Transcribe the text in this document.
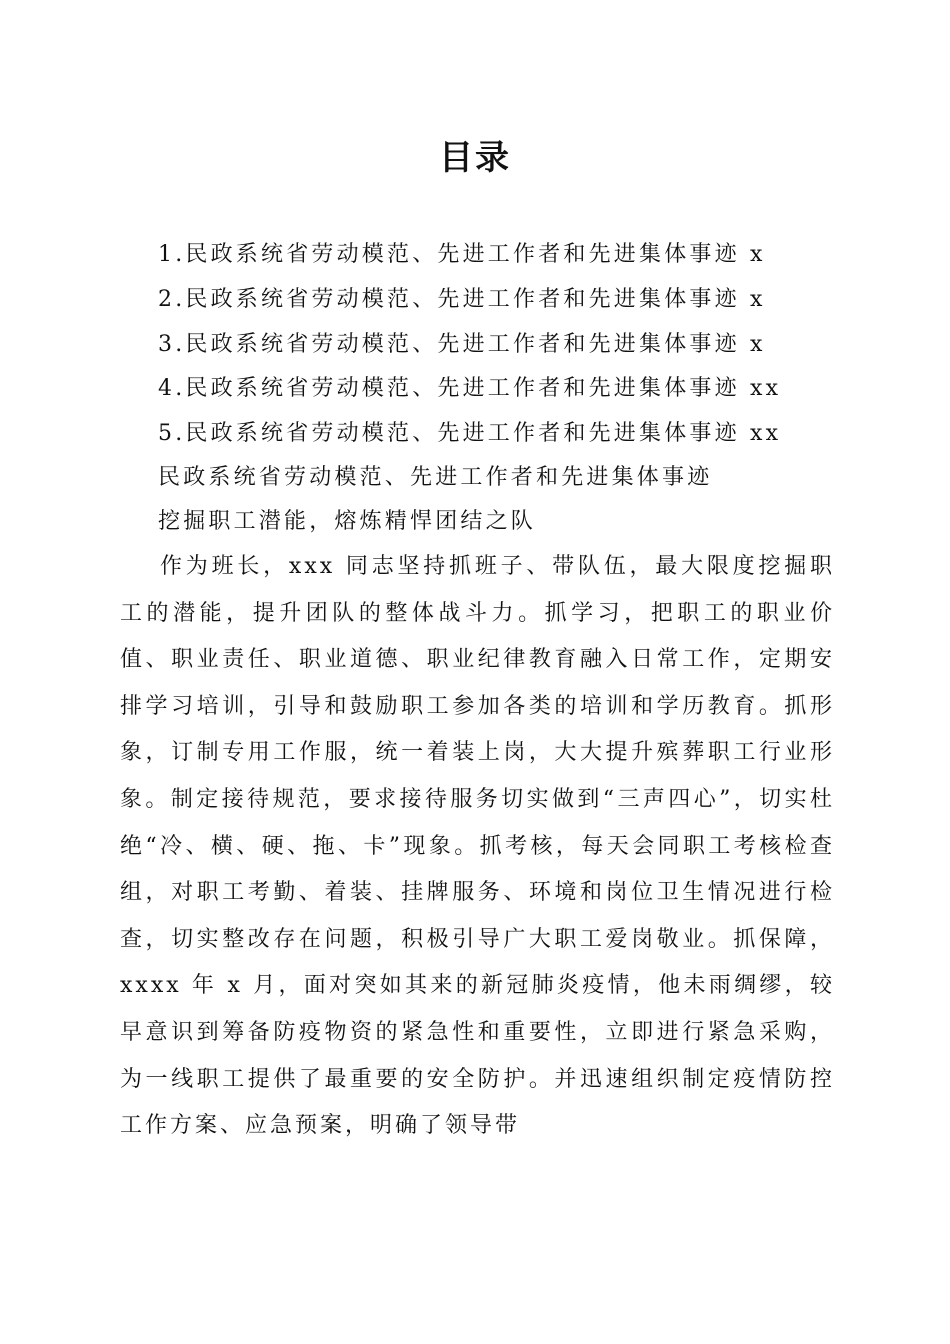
目录
1.民政系统省劳动模范、先进工作者和先进集体事迹 x
2.民政系统省劳动模范、先进工作者和先进集体事迹 x
3.民政系统省劳动模范、先进工作者和先进集体事迹 x
4.民政系统省劳动模范、先进工作者和先进集体事迹 xx
5.民政系统省劳动模范、先进工作者和先进集体事迹 xx
民政系统省劳动模范、先进工作者和先进集体事迹
挖掘职工潜能，熔炼精悍团结之队
作为班长，xxx 同志坚持抓班子、带队伍，最大限度挖掘职工的潜能，提升团队的整体战斗力。抓学习，把职工的职业价值、职业责任、职业道德、职业纪律教育融入日常工作，定期安排学习培训，引导和鼓励职工参加各类的培训和学历教育。抓形象，订制专用工作服，统一着装上岗，大大提升殡葬职工行业形象。制定接待规范，要求接待服务切实做到“三声四心”，切实杜绝“冷、横、硬、拖、卡”现象。抓考核，每天会同职工考核检查组，对职工考勤、着装、挂牌服务、环境和岗位卫生情况进行检查，切实整改存在问题，积极引导广大职工爱岗敬业。抓保障，xxxx 年 x 月，面对突如其来的新冠肺炎疫情，他未雨绸缪，较早意识到筹备防疫物资的紧急性和重要性，立即进行紧急采购，为一线职工提供了最重要的安全防护。并迅速组织制定疫情防控工作方案、应急预案，明确了领导带
